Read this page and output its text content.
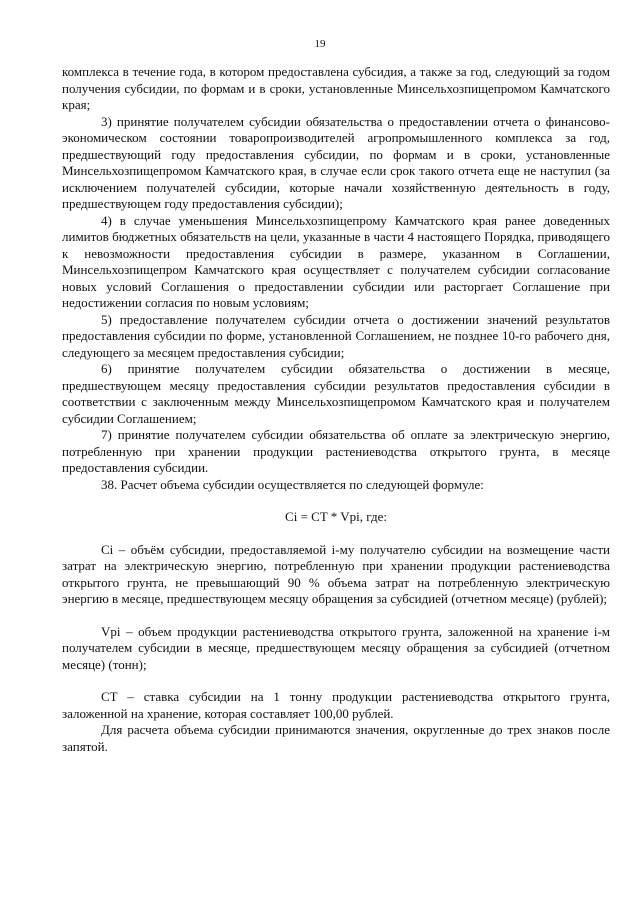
19

комплекса в течение года, в котором предоставлена субсидия, а также за год, следующий за годом получения субсидии, по формам и в сроки, установленные Минсельхозпищепромом Камчатского края;

3) принятие получателем субсидии обязательства о предоставлении отчета о финансово-экономическом состоянии товаропроизводителей агропромышленного комплекса за год, предшествующий году предоставления субсидии, по формам и в сроки, установленные Минсельхозпищепромом Камчатского края, в случае если срок такого отчета еще не наступил (за исключением получателей субсидии, которые начали хозяйственную деятельность в году, предшествующем году предоставления субсидии);

4) в случае уменьшения Минсельхозпищепрому Камчатского края ранее доведенных лимитов бюджетных обязательств на цели, указанные в части 4 настоящего Порядка, приводящего к невозможности предоставления субсидии в размере, указанном в Соглашении, Минсельхозпищепром Камчатского края осуществляет с получателем субсидии согласование новых условий Соглашения о предоставлении субсидии или расторгает Соглашение при недостижении согласия по новым условиям;

5) предоставление получателем субсидии отчета о достижении значений результатов предоставления субсидии по форме, установленной Соглашением, не позднее 10-го рабочего дня, следующего за месяцем предоставления субсидии;

6) принятие получателем субсидии обязательства о достижении в месяце, предшествующем месяцу предоставления субсидии результатов предоставления субсидии в соответствии с заключенным между Минсельхозпищепромом Камчатского края и получателем субсидии Соглашением;

7) принятие получателем субсидии обязательства об оплате за электрическую энергию, потребленную при хранении продукции растениеводства открытого грунта, в месяце предоставления субсидии.

38. Расчет объема субсидии осуществляется по следующей формуле:

Ci = CT * Vpi, где:

Ci – объём субсидии, предоставляемой i-му получателю субсидии на возмещение части затрат на электрическую энергию, потребленную при хранении продукции растениеводства открытого грунта, не превышающий 90 % объема затрат на потребленную электрическую энергию в месяце, предшествующем месяцу обращения за субсидией (отчетном месяце) (рублей);

Vpi – объем продукции растениеводства открытого грунта, заложенной на хранение i-м получателем субсидии в месяце, предшествующем месяцу обращения за субсидией (отчетном месяце) (тонн);

CT – ставка субсидии на 1 тонну продукции растениеводства открытого грунта, заложенной на хранение, которая составляет 100,00 рублей.

Для расчета объема субсидии принимаются значения, округленные до трех знаков после запятой.
